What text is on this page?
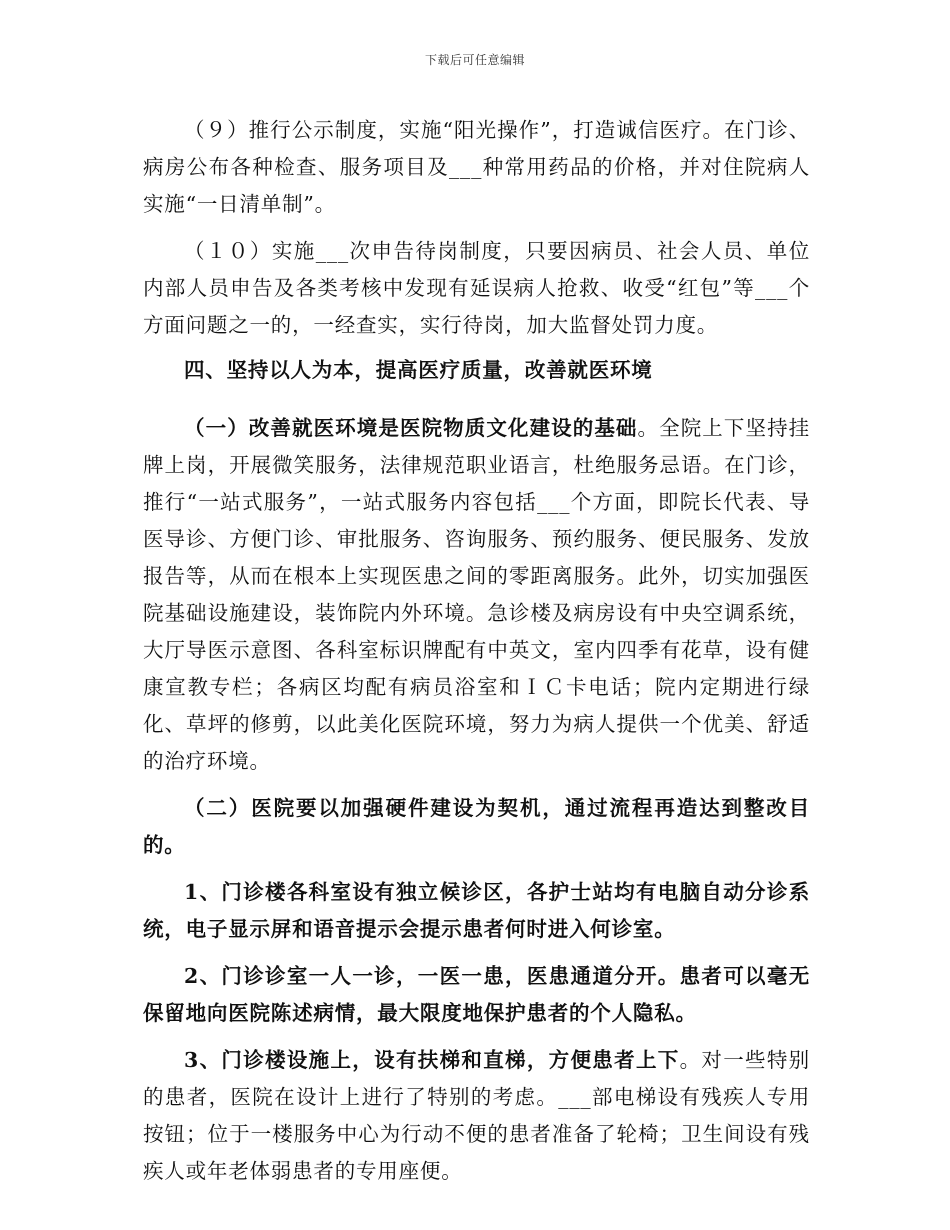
下载后可任意编辑

（９）推行公示制度，实施“阳光操作”，打造诚信医疗。在门诊、病房公布各种检查、服务项目及___种常用药品的价格，并对住院病人实施“一日清单制”。

（１０）实施___次申告待岗制度，只要因病员、社会人员、单位内部人员申告及各类考核中发现有延误病人抢救、收受“红包”等___个方面问题之一的，一经查实，实行待岗，加大监督处罚力度。

四、坚持以人为本，提高医疗质量，改善就医环境

（一）改善就医环境是医院物质文化建设的基础。全院上下坚持挂牌上岗，开展微笑服务，法律规范职业语言，杜绝服务忌语。在门诊，推行“一站式服务”，一站式服务内容包括___个方面，即院长代表、导医导诊、方便门诊、审批服务、咨询服务、预约服务、便民服务、发放报告等，从而在根本上实现医患之间的零距离服务。此外，切实加强医院基础设施建设，装饰院内外环境。急诊楼及病房设有中央空调系统，大厅导医示意图、各科室标识牌配有中英文，室内四季有花草，设有健康宣教专栏；各病区均配有病员浴室和ＩＣ卡电话；院内定期进行绿化、草坪的修剪，以此美化医院环境，努力为病人提供一个优美、舒适的治疗环境。

（二）医院要以加强硬件建设为契机，通过流程再造达到整改目的。

1、门诊楼各科室设有独立候诊区，各护士站均有电脑自动分诊系统，电子显示屏和语音提示会提示患者何时进入何诊室。

2、门诊诊室一人一诊，一医一患，医患通道分开。患者可以毫无保留地向医院陈述病情，最大限度地保护患者的个人隐私。

3、门诊楼设施上，设有扶梯和直梯，方便患者上下。对一些特别的患者，医院在设计上进行了特别的考虑。___部电梯设有残疾人专用按钮；位于一楼服务中心为行动不便的患者准备了轮椅；卫生间设有残疾人或年老体弱患者的专用座便。
